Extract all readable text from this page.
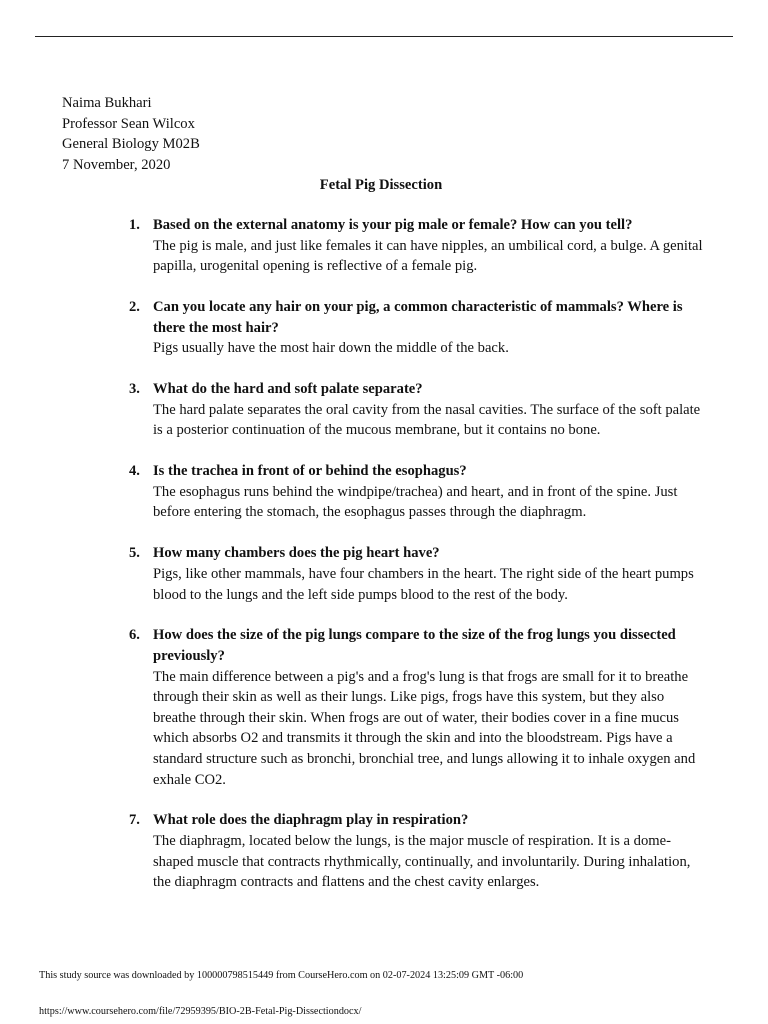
Naima Bukhari
Professor Sean Wilcox
General Biology M02B
7 November, 2020
Fetal Pig Dissection
1. Based on the external anatomy is your pig male or female? How can you tell?
The pig is male, and just like females it can have nipples, an umbilical cord, a bulge. A genital papilla, urogenital opening is reflective of a female pig.
2. Can you locate any hair on your pig, a common characteristic of mammals? Where is there the most hair?
Pigs usually have the most hair down the middle of the back.
3. What do the hard and soft palate separate?
The hard palate separates the oral cavity from the nasal cavities. The surface of the soft palate is a posterior continuation of the mucous membrane, but it contains no bone.
4. Is the trachea in front of or behind the esophagus?
The esophagus runs behind the windpipe/trachea) and heart, and in front of the spine. Just before entering the stomach, the esophagus passes through the diaphragm.
5. How many chambers does the pig heart have?
Pigs, like other mammals, have four chambers in the heart. The right side of the heart pumps blood to the lungs and the left side pumps blood to the rest of the body.
6. How does the size of the pig lungs compare to the size of the frog lungs you dissected previously?
The main difference between a pig's and a frog's lung is that frogs are small for it to breathe through their skin as well as their lungs. Like pigs, frogs have this system, but they also breathe through their skin. When frogs are out of water, their bodies cover in a fine mucus which absorbs O2 and transmits it through the skin and into the bloodstream. Pigs have a standard structure such as bronchi, bronchial tree, and lungs allowing it to inhale oxygen and exhale CO2.
7. What role does the diaphragm play in respiration?
The diaphragm, located below the lungs, is the major muscle of respiration. It is a dome-shaped muscle that contracts rhythmically, continually, and involuntarily. During inhalation, the diaphragm contracts and flattens and the chest cavity enlarges.
This study source was downloaded by 100000798515449 from CourseHero.com on 02-07-2024 13:25:09 GMT -06:00
https://www.coursehero.com/file/72959395/BIO-2B-Fetal-Pig-Dissectiondocx/
